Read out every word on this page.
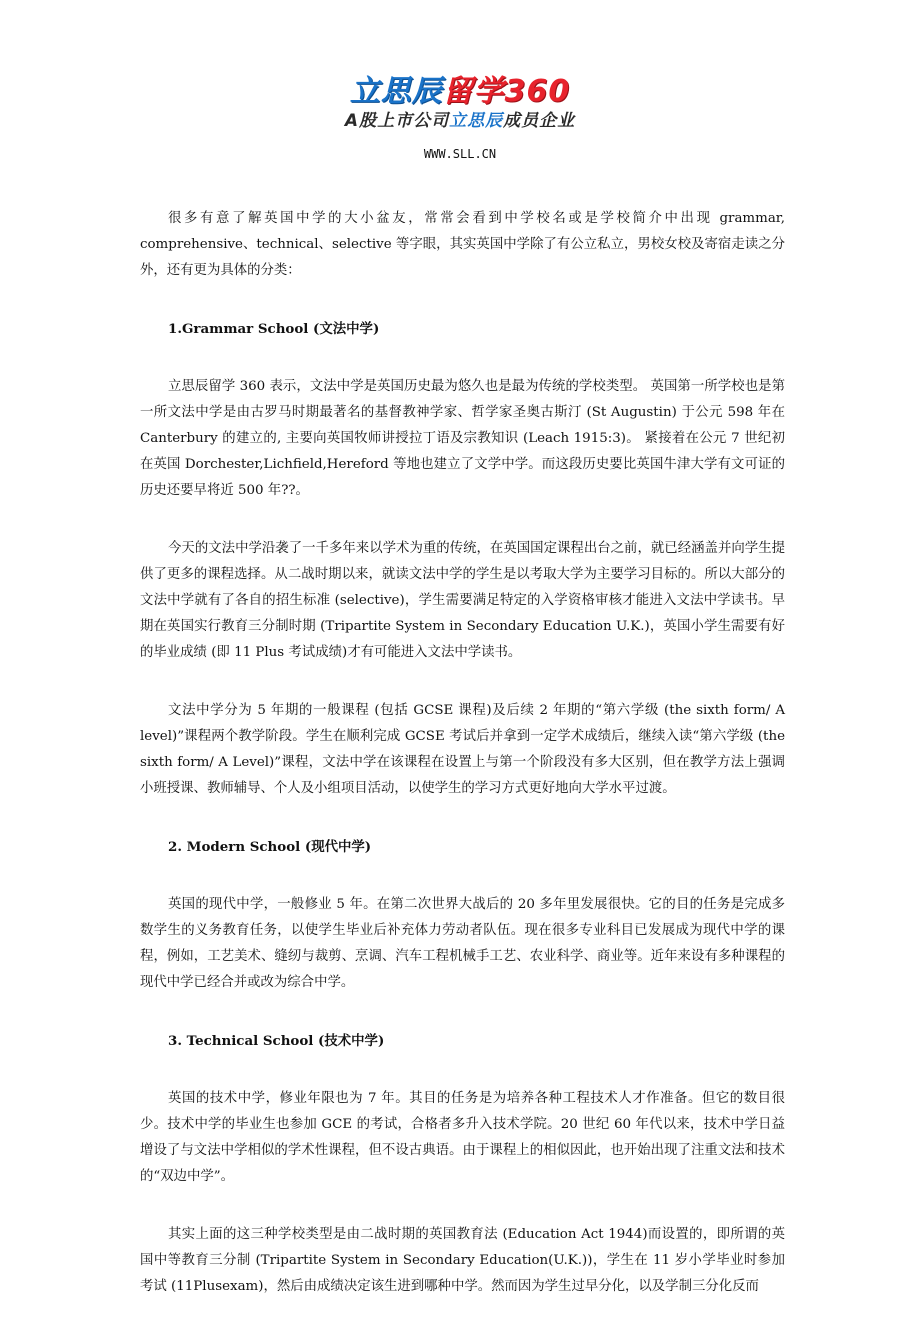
立思辰留学360
A股上市公司立思辰成员企业
WWW.SLL.CN

很多有意了解英国中学的大小盆友，常常会看到中学校名或是学校简介中出现 grammar, comprehensive、technical、selective 等字眼，其实英国中学除了有公立私立，男校女校及寄宿走读之分外，还有更为具体的分类：

1.Grammar School (文法中学)

立思辰留学 360 表示，文法中学是英国历史最为悠久也是最为传统的学校类型。 英国第一所学校也是第一所文法中学是由古罗马时期最著名的基督教神学家、哲学家圣奥古斯汀 (St Augustin) 于公元 598 年在 Canterbury 的建立的, 主要向英国牧师讲授拉丁语及宗教知识 (Leach 1915:3)。 紧接着在公元 7 世纪初在英国 Dorchester,Lichfield,Hereford 等地也建立了文学中学。而这段历史要比英国牛津大学有文可证的历史还要早将近 500 年??。

今天的文法中学沿袭了一千多年来以学术为重的传统，在英国国定课程出台之前，就已经涵盖并向学生提供了更多的课程选择。从二战时期以来，就读文法中学的学生是以考取大学为主要学习目标的。所以大部分的文法中学就有了各自的招生标准 (selective)，学生需要满足特定的入学资格审核才能进入文法中学读书。早期在英国实行教育三分制时期 (Tripartite System in Secondary Education U.K.)，英国小学生需要有好的毕业成绩 (即 11 Plus 考试成绩)才有可能进入文法中学读书。

文法中学分为 5 年期的一般课程 (包括 GCSE 课程)及后续 2 年期的“第六学级 (the sixth form/ A level)”课程两个教学阶段。学生在顺利完成 GCSE 考试后并拿到一定学术成绩后，继续入读“第六学级 (the sixth form/ A Level)”课程，文法中学在该课程在设置上与第一个阶段没有多大区别，但在教学方法上强调小班授课、教师辅导、个人及小组项目活动，以使学生的学习方式更好地向大学水平过渡。

2. Modern School (现代中学)

英国的现代中学，一般修业 5 年。在第二次世界大战后的 20 多年里发展很快。它的目的任务是完成多数学生的义务教育任务，以使学生毕业后补充体力劳动者队伍。现在很多专业科目已发展成为现代中学的课程，例如，工艺美术、缝纫与裁剪、烹调、汽车工程机械手工艺、农业科学、商业等。近年来设有多种课程的现代中学已经合并或改为综合中学。

3. Technical School (技术中学)

英国的技术中学，修业年限也为 7 年。其目的任务是为培养各种工程技术人才作准备。但它的数目很少。技术中学的毕业生也参加 GCE 的考试，合格者多升入技术学院。20 世纪 60 年代以来，技术中学日益增设了与文法中学相似的学术性课程，但不设古典语。由于课程上的相似因此，也开始出现了注重文法和技术的“双边中学”。

其实上面的这三种学校类型是由二战时期的英国教育法 (Education Act 1944)而设置的，即所谓的英国中等教育三分制 (Tripartite System in Secondary Education(U.K.))，学生在 11 岁小学毕业时参加考试 (11Plusexam)，然后由成绩决定该生进到哪种中学。然而因为学生过早分化，以及学制三分化反而
